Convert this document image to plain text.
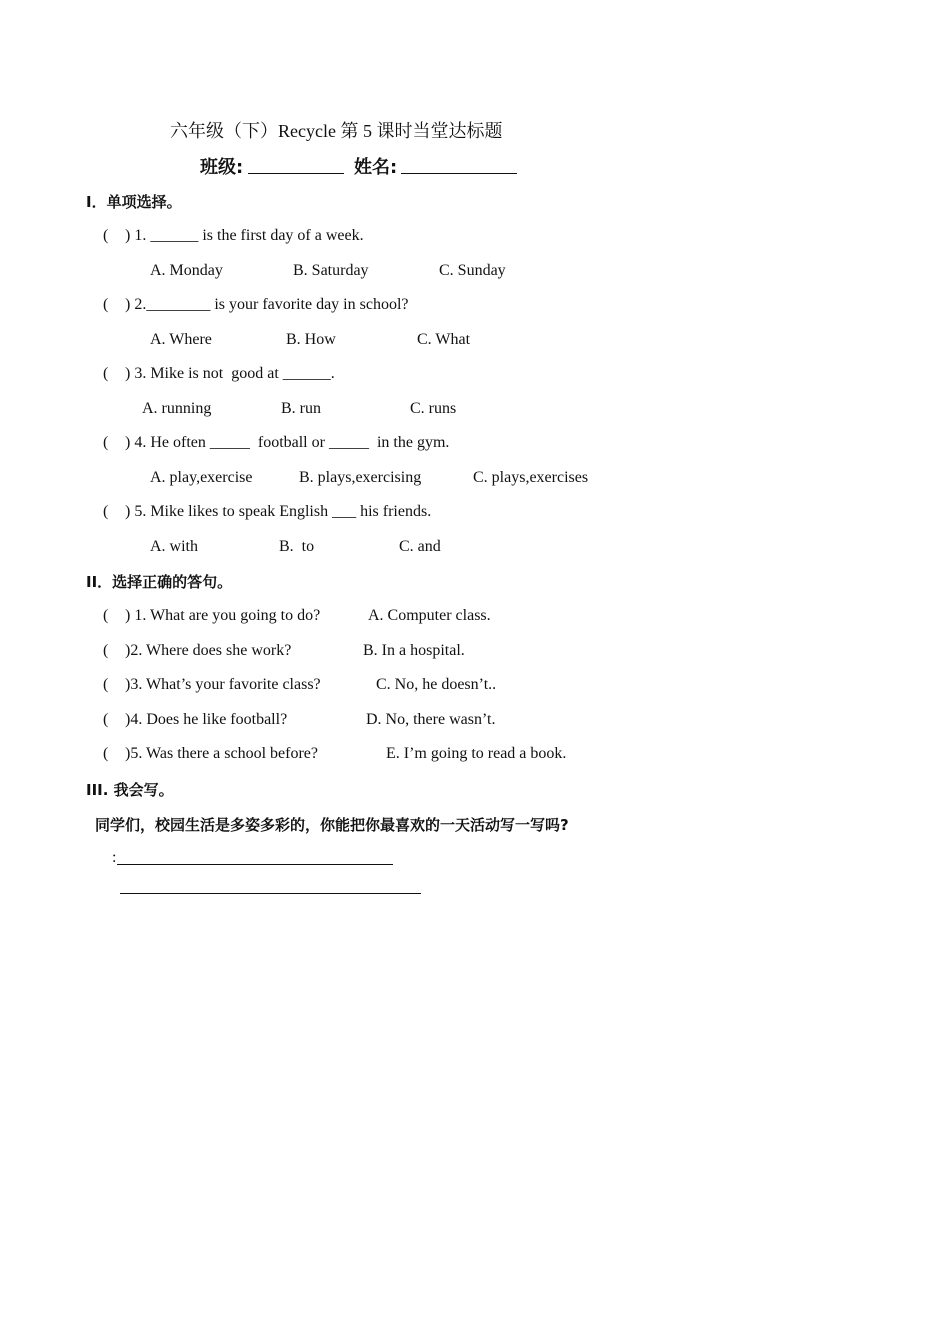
六年级（下）Recycle 第 5 课时当堂达标题
班级:	姓名:
I．单项选择。
( ) 1. ______ is the first day of a week.
A. Monday	B. Saturday	C. Sunday
( ) 2.________ is your favorite day in school?
A. Where	B. How	C. What
( ) 3. Mike is not  good at ______.
A. running	B. run	C. runs
( ) 4. He often _____  football or _____  in the gym.
A. play,exercise	B. plays,exercising	C. plays,exercises
( ) 5. Mike likes to speak English ___ his friends.
A. with	B.  to	C. and
II．选择正确的答句。
( ) 1. What are you going to do?	A. Computer class.
( )2. Where does she work?	B. In a hospital.
( )3. What’s your favorite class?	C. No, he doesn’t..
( )4. Does he like football?	D. No, there wasn’t.
( )5. Was there a school before?	E. I’m going to read a book.
III. 我会写。
同学们，校园生活是多姿多彩的，你能把你最喜欢的一天活动写一写吗?
:
